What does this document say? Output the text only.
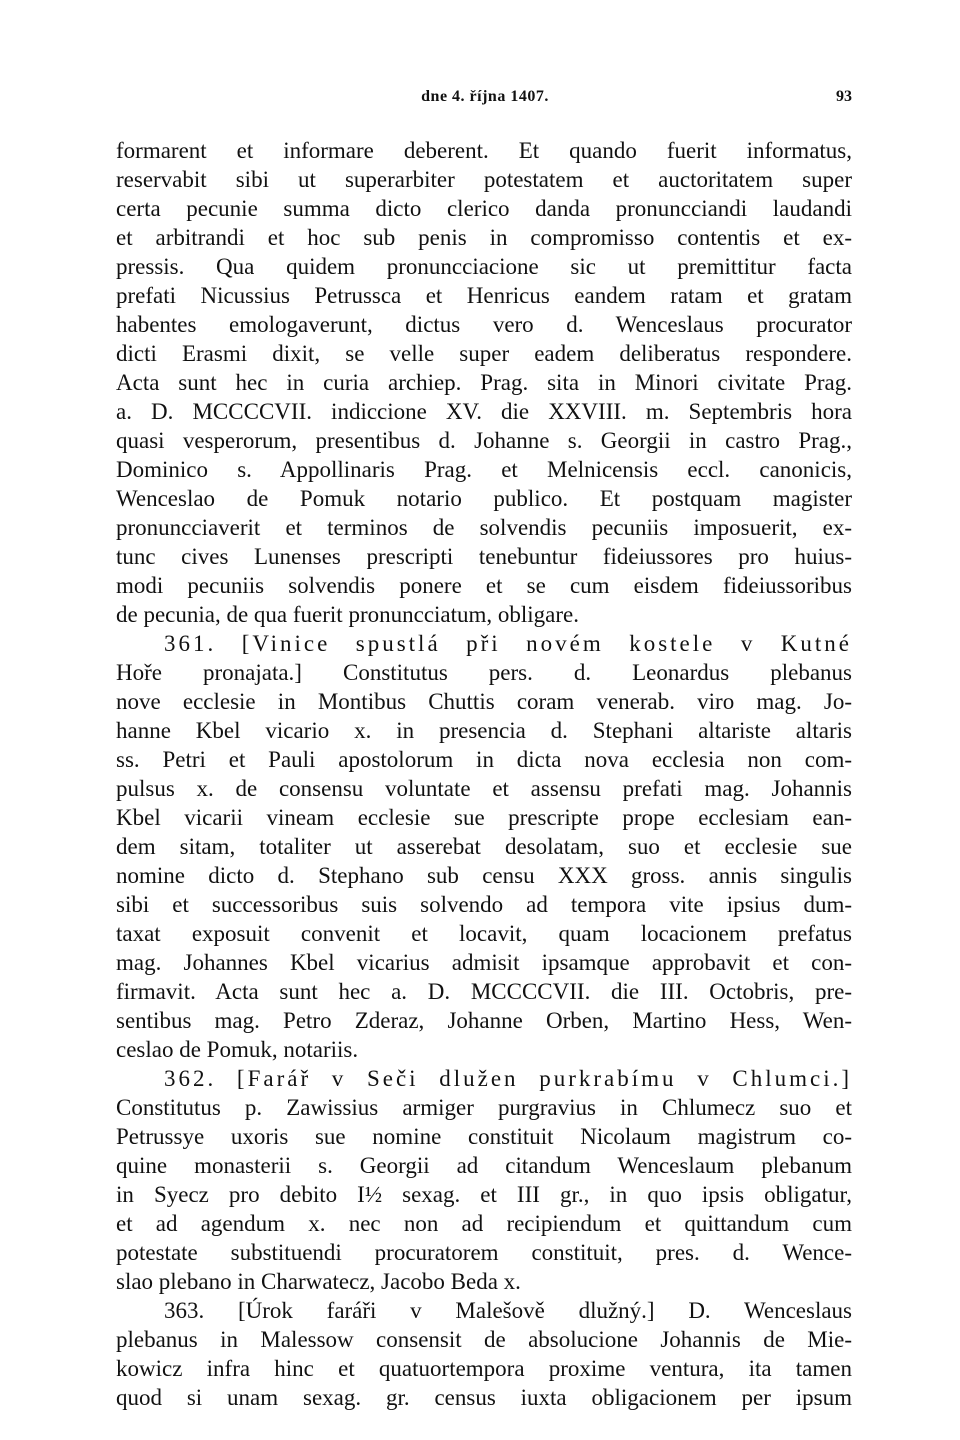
dne 4. října 1407.	93
formarent et informare deberent. Et quando fuerit informatus,
reservabit sibi ut superarbiter potestatem et auctoritatem super
certa pecunie summa dicto clerico danda pronuncciandi laudandi
et arbitrandi et hoc sub penis in compromisso contentis et ex-
pressis. Qua quidem pronuncciacione sic ut premittitur facta
prefati Nicussius Petrussca et Henricus eandem ratam et gratam
habentes emologaverunt, dictus vero d. Wenceslaus procurator
dicti Erasmi dixit, se velle super eadem deliberatus respondere.
Acta sunt hec in curia archiep. Prag. sita in Minori civitate Prag.
a. D. MCCCCVII. indiccione XV. die XXVIII. m. Septembris hora
quasi vesperorum, presentibus d. Johanne s. Georgii in castro Prag.,
Dominico s. Appollinaris Prag. et Melnicensis eccl. canonicis,
Wenceslao de Pomuk notario publico. Et postquam magister
pronuncciaverit et terminos de solvendis pecuniis imposuerit, ex-
tunc cives Lunenses prescripti tenebuntur fideiussores pro huius-
modi pecuniis solvendis ponere et se cum eisdem fideiussoribus
de pecunia, de qua fuerit pronuncciatum, obligare.
361. [Vinice spustlá při novém kostele v Kutné
Hoře pronajata.] Constitutus pers. d. Leonardus plebanus
nove ecclesie in Montibus Chuttis coram venerab. viro mag. Jo-
hanne Kbel vicario x. in presencia d. Stephani altariste altaris
ss. Petri et Pauli apostolorum in dicta nova ecclesia non com-
pulsus x. de consensu voluntate et assensu prefati mag. Johannis
Kbel vicarii vineam ecclesie sue prescripte prope ecclesiam ean-
dem sitam, totaliter ut asserebat desolatam, suo et ecclesie sue
nomine dicto d. Stephano sub censu XXX gross. annis singulis
sibi et successoribus suis solvendo ad tempora vite ipsius dum-
taxat exposuit convenit et locavit, quam locacionem prefatus
mag. Johannes Kbel vicarius admisit ipsamque approbavit et con-
firmavit. Acta sunt hec a. D. MCCCCVII. die III. Octobris, pre-
sentibus mag. Petro Zderaz, Johanne Orben, Martino Hess, Wen-
ceslao de Pomuk, notariis.
362. [Farář v Seči dlužen purkrabímu v Chlumci.]
Constitutus p. Zawissius armiger purgravius in Chlumecz suo et
Petrussye uxoris sue nomine constituit Nicolaum magistrum co-
quine monasterii s. Georgii ad citandum Wenceslaum plebanum
in Syecz pro debito I½ sexag. et III gr., in quo ipsis obligatur,
et ad agendum x. nec non ad recipiendum et quittandum cum
potestate substituendi procuratorem constituit, pres. d. Wence-
slao plebano in Charwatecz, Jacobo Beda x.
363. [Úrok faráři v Malešově dlužný.] D. Wenceslaus
plebanus in Malessow consensit de absolucione Johannis de Mie-
kowicz infra hinc et quatuortempora proxime ventura, ita tamen
quod si unam sexag. gr. census iuxta obligacionem per ipsum
